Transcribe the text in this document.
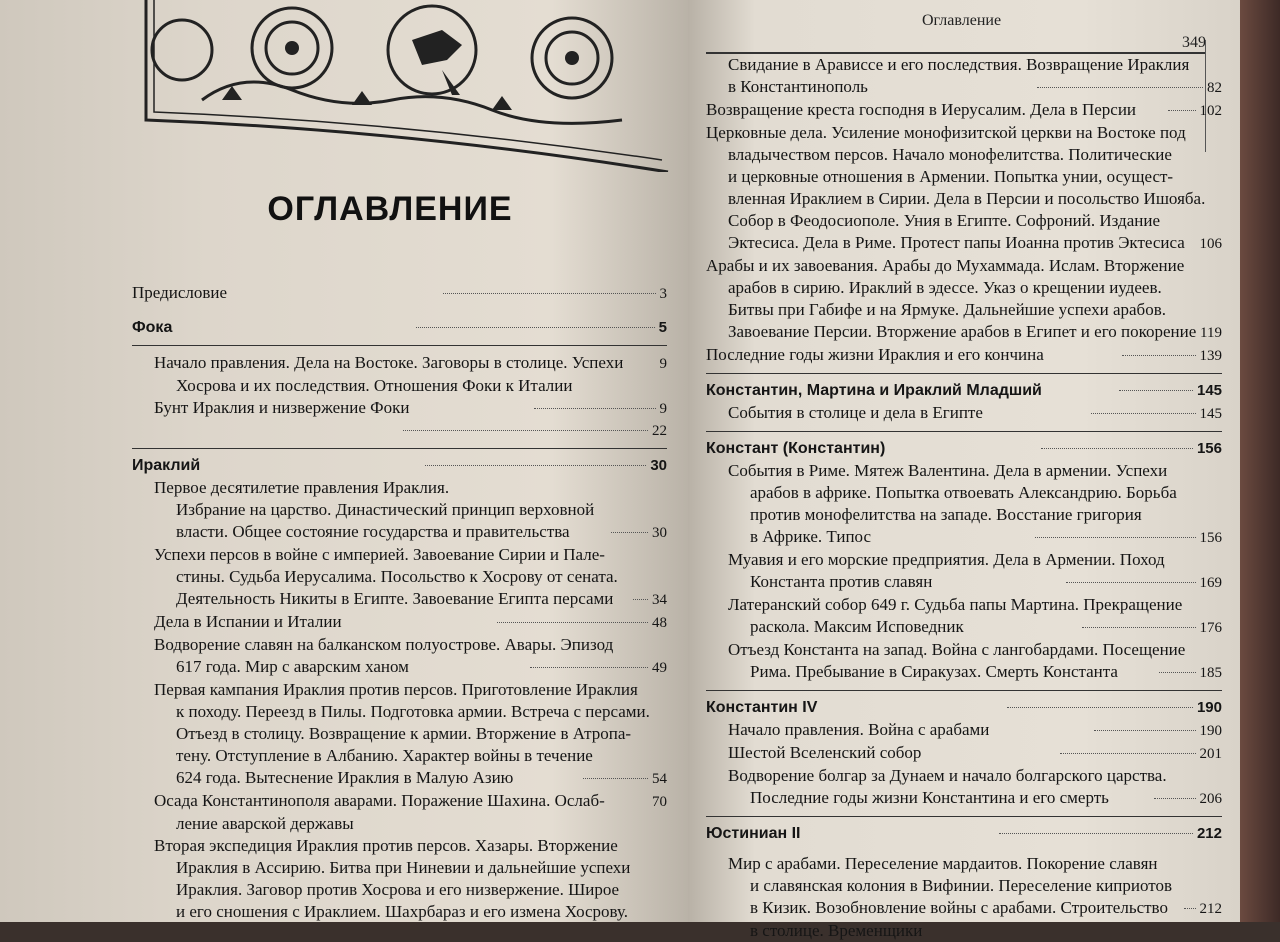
ОГЛАВЛЕНИЕ
Предисловие	3
Фока	5
Начало правления. Дела на Востоке. Заговоры в столице. Успехи	9
Хосрова и их последствия. Отношения Фоки к Италии
Бунт Ираклия и низвержение Фоки	9
22
Ираклий	30
Первое десятилетие правления Ираклия.
Избрание на царство. Династический принцип верховной
власти. Общее состояние государства и правительства	30
Успехи персов в войне с империей. Завоевание Сирии и Пале-
стины. Судьба Иерусалима. Посольство к Хосрову от сената.
Деятельность Никиты в Египте. Завоевание Египта персами	34
Дела в Испании и Италии	48
Водворение славян на балканском полуострове. Авары. Эпизод
617 года. Мир с аварским ханом	49
Первая кампания Ираклия против персов. Приготовление Ираклия
к походу. Переезд в Пилы. Подготовка армии. Встреча с персами.
Отъезд в столицу. Возвращение к армии. Вторжение в Атропа-
тену. Отступление в Албанию. Характер войны в течение
624 года. Вытеснение Ираклия в Малую Азию	54
Осада Константинополя аварами. Поражение Шахина. Ослаб-	70
ление аварской державы
Вторая экспедиция Ираклия против персов. Хазары. Вторжение
Ираклия в Ассирию. Битва при Ниневии и дальнейшие успехи
Ираклия. Заговор против Хосрова и его низвержение. Широе
и его сношения с Ираклием. Шахрбараз и его измена Хосрову.
Оглавление
349
Свидание в Арависсе и его последствия. Возвращение Ираклия
в Константинополь	82
Возвращение креста господня в Иерусалим. Дела в Персии	102
Церковные дела. Усиление монофизитской церкви на Востоке под
владычеством персов. Начало монофелитства. Политические
и церковные отношения в Армении. Попытка унии, осущест-
вленная Ираклием в Сирии. Дела в Персии и посольство Ишояба.
Собор в Феодосиополе. Уния в Египте. Софроний. Издание
Эктесиса. Дела в Риме. Протест папы Иоанна против Эктесиса 106
Арабы и их завоевания. Арабы до Мухаммада. Ислам. Вторжение
арабов в сирию. Ираклий в эдессе. Указ о крещении иудеев.
Битвы при Габифе и на Ярмуке. Дальнейшие успехи арабов.
Завоевание Персии. Вторжение арабов в Египет и его покорение 119
Последние годы жизни Ираклия и его кончина	139
Константин, Мартина и Ираклий Младший	145
События в столице и дела в Египте	145
Констант (Константин)	156
События в Риме. Мятеж Валентина. Дела в армении. Успехи
арабов в африке. Попытка отвоевать Александрию. Борьба
против монофелитства на западе. Восстание григория
в Африке. Типос	156
Муавия и его морские предприятия. Дела в Армении. Поход
Константа против славян	169
Латеранский собор 649 г. Судьба папы Мартина. Прекращение
раскола. Максим Исповедник	176
Отъезд Константа на запад. Война с лангобардами. Посещение
Рима. Пребывание в Сиракузах. Смерть Константа	185
Константин IV	190
Начало правления. Война с арабами	190
Шестой Вселенский собор	201
Водворение болгар за Дунаем и начало болгарского царства.
Последние годы жизни Константина и его смерть	206
Юстиниан II	212
Мир с арабами. Переселение мардаитов. Покорение славян
и славянская колония в Вифинии. Переселение киприотов
в Кизик. Возобновление войны с арабами. Строительство	212
в столице. Временщики
